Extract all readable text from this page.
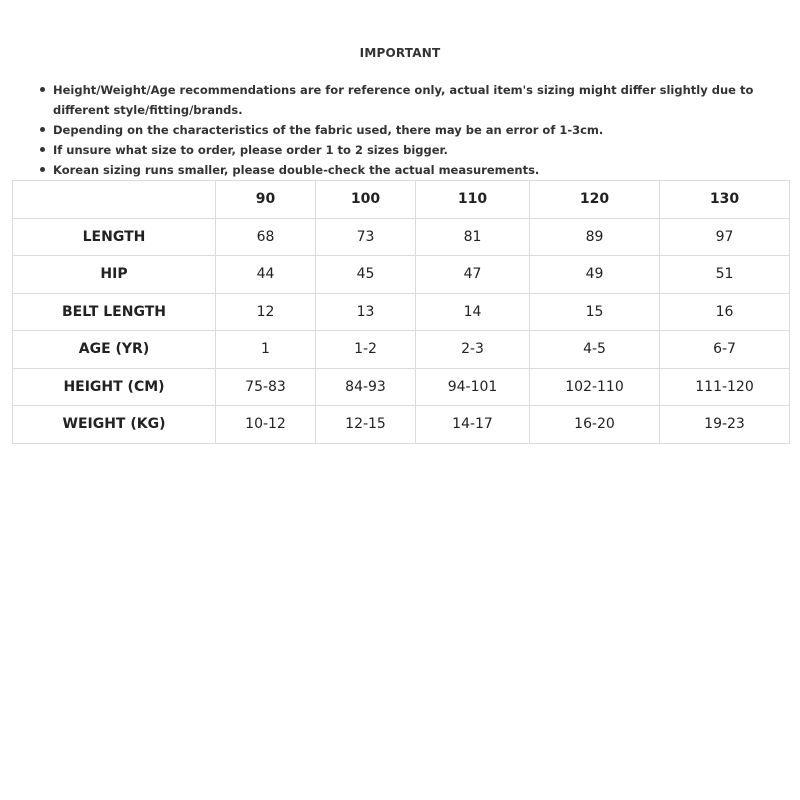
IMPORTANT
Height/Weight/Age recommendations are for reference only, actual item's sizing might differ slightly due to different style/fitting/brands.
Depending on the characteristics of the fabric used, there may be an error of 1-3cm.
If unsure what size to order, please order 1 to 2 sizes bigger.
Korean sizing runs smaller, please double-check the actual measurements.
	90	100	110	120	130
LENGTH	68	73	81	89	97
HIP	44	45	47	49	51
BELT LENGTH	12	13	14	15	16
AGE (YR)	1	1-2	2-3	4-5	6-7
HEIGHT (CM)	75-83	84-93	94-101	102-110	111-120
WEIGHT (KG)	10-12	12-15	14-17	16-20	19-23
